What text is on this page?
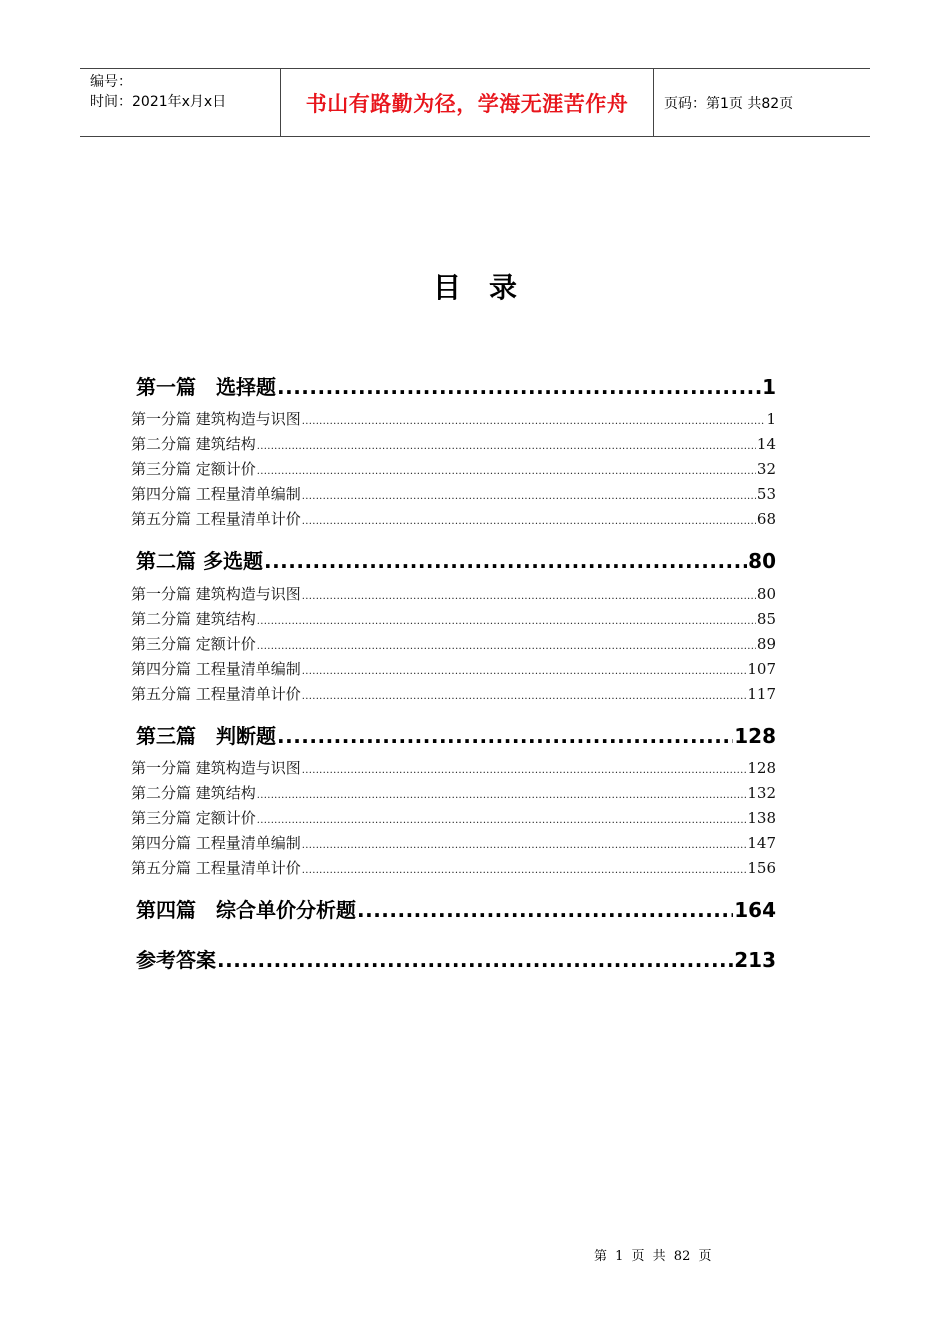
编号：
时间：2021年x月x日	书山有路勤为径，学海无涯苦作舟	页码：第1页 共82页
目 录
第一篇　选择题 .....	1
第一分篇 建筑构造与识图 .....	1
第二分篇 建筑结构 .....	14
第三分篇 定额计价 .....	32
第四分篇 工程量清单编制 .....	53
第五分篇 工程量清单计价 .....	68
第二篇 多选题 .....	80
第一分篇 建筑构造与识图 .....	80
第二分篇 建筑结构 .....	85
第三分篇 定额计价 .....	89
第四分篇 工程量清单编制 .....	107
第五分篇 工程量清单计价 .....	117
第三篇　判断题 .....	128
第一分篇 建筑构造与识图 .....	128
第二分篇 建筑结构 .....	132
第三分篇 定额计价 .....	138
第四分篇 工程量清单编制 .....	147
第五分篇 工程量清单计价 .....	156
第四篇　综合单价分析题 .....	164
参考答案 .....	213
第 1 页 共 82 页
